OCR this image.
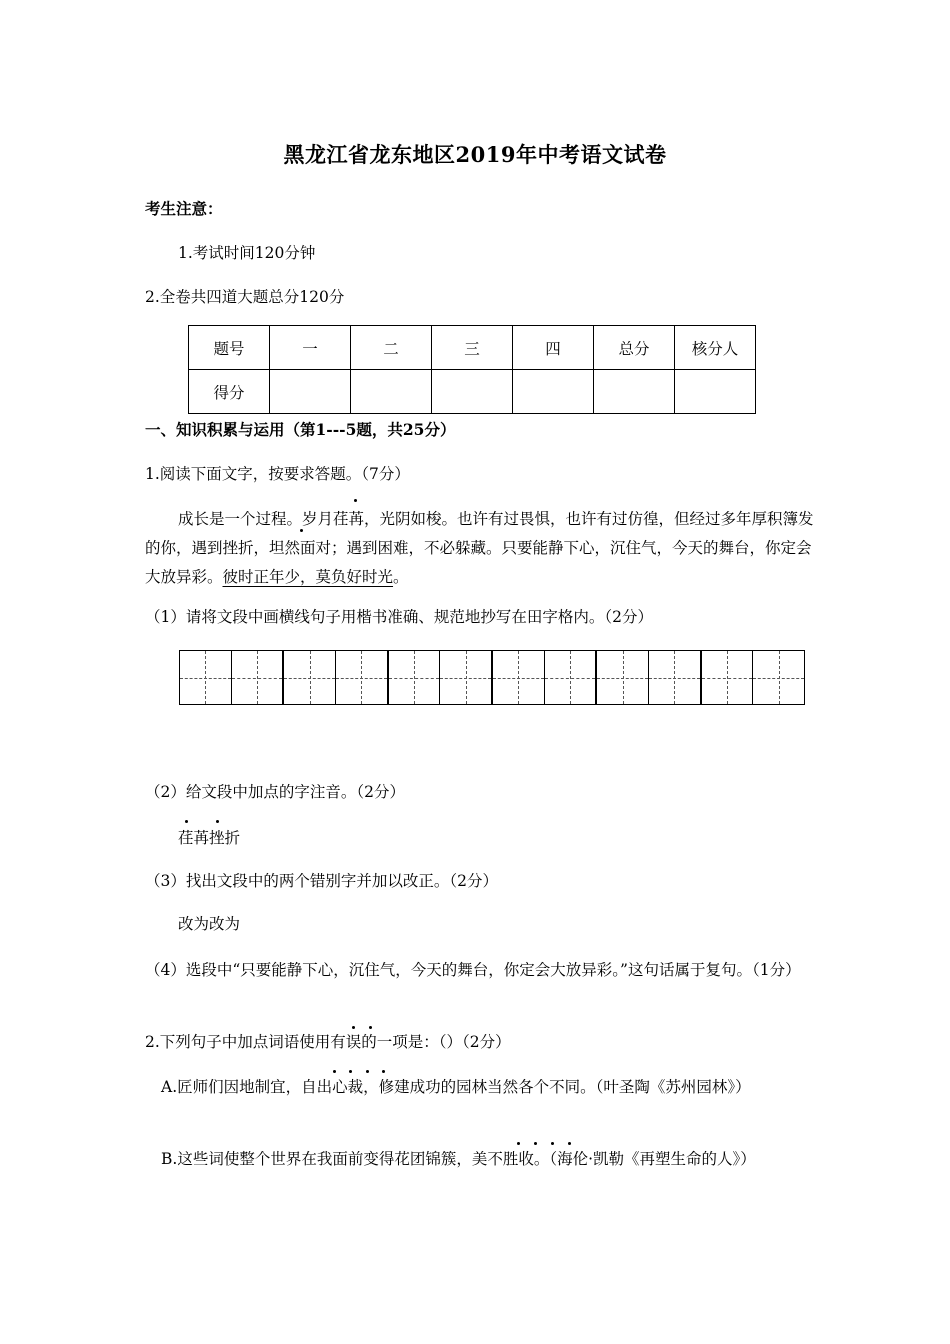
黑龙江省龙东地区2019年中考语文试卷
考生注意：
1.考试时间120分钟
2.全卷共四道大题总分120分
题号	一	二	三	四	总分	核分人
得分						
一、知识积累与运用（第1---5题，共25分）
1.阅读下面文字，按要求答题。（7分）
成长是一个过程。岁月荏苒，光阴如梭。也许有过畏惧，也许有过仿徨，但经过多年厚积簿发的你，遇到挫折，坦然面对；遇到困难，不必躲藏。只要能静下心，沉住气，今天的舞台，你定会大放异彩。彼时正年少，莫负好时光。
（1）请将文段中画横线句子用楷书准确、规范地抄写在田字格内。（2分）
（2）给文段中加点的字注音。（2分）
荏苒挫折
（3）找出文段中的两个错别字并加以改正。（2分）
改为改为
（4）选段中“只要能静下心，沉住气，今天的舞台，你定会大放异彩。”这句话属于复句。（1分）
2.下列句子中加点词语使用有误的一项是：（）（2分）
A.匠师们因地制宜，自出心裁，修建成功的园林当然各个不同。（叶圣陶《苏州园林》）
B.这些词使整个世界在我面前变得花团锦簇，美不胜收。（海伦·凯勒《再塑生命的人》）
